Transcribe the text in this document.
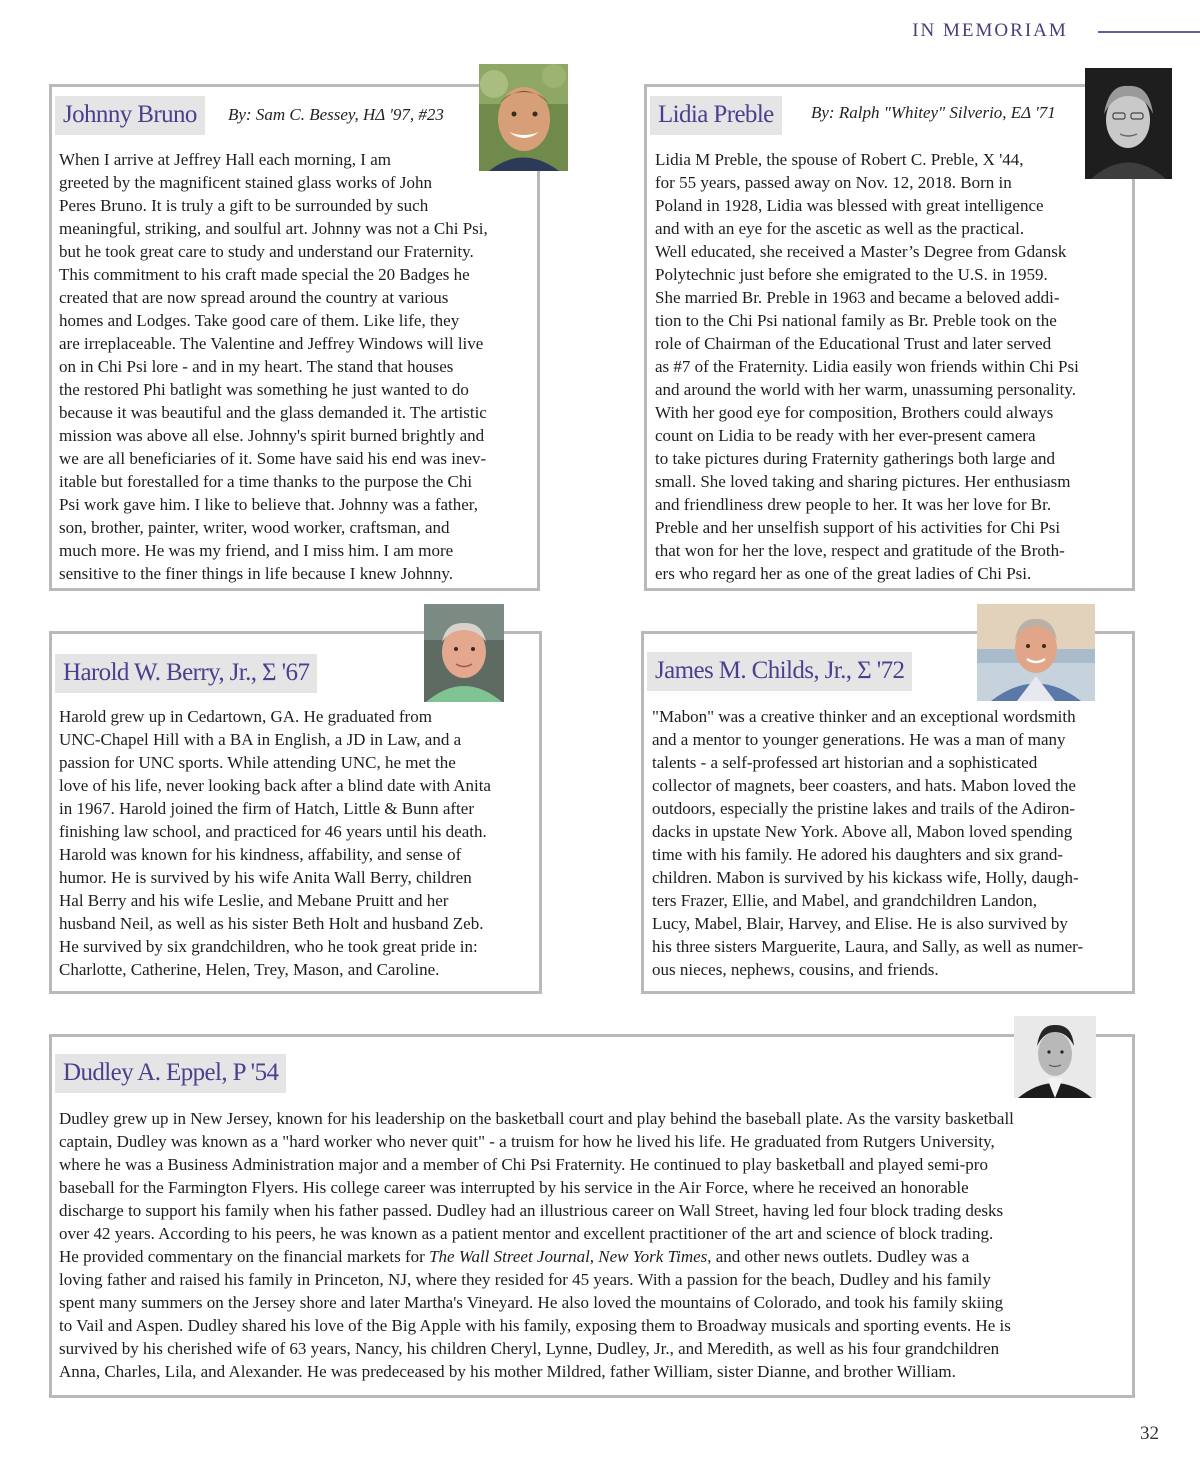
IN MEMORIAM
Johnny Bruno	By: Sam C. Bessey, HΔ '97, #23
When I arrive at Jeffrey Hall each morning, I am
greeted by the magnificent stained glass works of John
Peres Bruno. It is truly a gift to be surrounded by such
meaningful, striking, and soulful art. Johnny was not a Chi Psi,
but he took great care to study and understand our Fraternity.
This commitment to his craft made special the 20 Badges he
created that are now spread around the country at various
homes and Lodges. Take good care of them. Like life, they
are irreplaceable. The Valentine and Jeffrey Windows will live
on in Chi Psi lore - and in my heart. The stand that houses
the restored Phi batlight was something he just wanted to do
because it was beautiful and the glass demanded it. The artistic
mission was above all else. Johnny's spirit burned brightly and
we are all beneficiaries of it. Some have said his end was inev-
itable but forestalled for a time thanks to the purpose the Chi
Psi work gave him. I like to believe that. Johnny was a father,
son, brother, painter, writer, wood worker, craftsman, and
much more. He was my friend, and I miss him. I am more
sensitive to the finer things in life because I knew Johnny.
Lidia Preble	By: Ralph "Whitey" Silverio, EΔ '71
Lidia M Preble, the spouse of Robert C. Preble, X '44,
for 55 years, passed away on Nov. 12, 2018. Born in
Poland in 1928, Lidia was blessed with great intelligence
and with an eye for the ascetic as well as the practical.
Well educated, she received a Master’s Degree from Gdansk
Polytechnic just before she emigrated to the U.S. in 1959.
She married Br. Preble in 1963 and became a beloved addi-
tion to the Chi Psi national family as Br. Preble took on the
role of Chairman of the Educational Trust and later served
as #7 of the Fraternity. Lidia easily won friends within Chi Psi
and around the world with her warm, unassuming personality.
With her good eye for composition, Brothers could always
count on Lidia to be ready with her ever-present camera
to take pictures during Fraternity gatherings both large and
small. She loved taking and sharing pictures. Her enthusiasm
and friendliness drew people to her. It was her love for Br.
Preble and her unselfish support of his activities for Chi Psi
that won for her the love, respect and gratitude of the Broth-
ers who regard her as one of the great ladies of Chi Psi.
Harold W. Berry, Jr., Σ '67
Harold grew up in Cedartown, GA. He graduated from
UNC-Chapel Hill with a BA in English, a JD in Law, and a
passion for UNC sports. While attending UNC, he met the
love of his life, never looking back after a blind date with Anita
in 1967. Harold joined the firm of Hatch, Little & Bunn after
finishing law school, and practiced for 46 years until his death.
Harold was known for his kindness, affability, and sense of
humor. He is survived by his wife Anita Wall Berry, children
Hal Berry and his wife Leslie, and Mebane Pruitt and her
husband Neil, as well as his sister Beth Holt and husband Zeb.
He survived by six grandchildren, who he took great pride in:
Charlotte, Catherine, Helen, Trey, Mason, and Caroline.
James M. Childs, Jr., Σ '72
"Mabon" was a creative thinker and an exceptional wordsmith
and a mentor to younger generations. He was a man of many
talents - a self-professed art historian and a sophisticated
collector of magnets, beer coasters, and hats. Mabon loved the
outdoors, especially the pristine lakes and trails of the Adiron-
dacks in upstate New York. Above all, Mabon loved spending
time with his family. He adored his daughters and six grand-
children. Mabon is survived by his kickass wife, Holly, daugh-
ters Frazer, Ellie, and Mabel, and grandchildren Landon,
Lucy, Mabel, Blair, Harvey, and Elise. He is also survived by
his three sisters Marguerite, Laura, and Sally, as well as numer-
ous nieces, nephews, cousins, and friends.
Dudley A. Eppel, P '54
Dudley grew up in New Jersey, known for his leadership on the basketball court and play behind the baseball plate. As the varsity basketball
captain, Dudley was known as a "hard worker who never quit" - a truism for how he lived his life. He graduated from Rutgers University,
where he was a Business Administration major and a member of Chi Psi Fraternity. He continued to play basketball and played semi-pro
baseball for the Farmington Flyers. His college career was interrupted by his service in the Air Force, where he received an honorable
discharge to support his family when his father passed. Dudley had an illustrious career on Wall Street, having led four block trading desks
over 42 years. According to his peers, he was known as a patient mentor and excellent practitioner of the art and science of block trading.
He provided commentary on the financial markets for The Wall Street Journal, New York Times, and other news outlets. Dudley was a
loving father and raised his family in Princeton, NJ, where they resided for 45 years. With a passion for the beach, Dudley and his family
spent many summers on the Jersey shore and later Martha's Vineyard. He also loved the mountains of Colorado, and took his family skiing
to Vail and Aspen. Dudley shared his love of the Big Apple with his family, exposing them to Broadway musicals and sporting events. He is
survived by his cherished wife of 63 years, Nancy, his children Cheryl, Lynne, Dudley, Jr., and Meredith, as well as his four grandchildren
Anna, Charles, Lila, and Alexander. He was predeceased by his mother Mildred, father William, sister Dianne, and brother William.
32
